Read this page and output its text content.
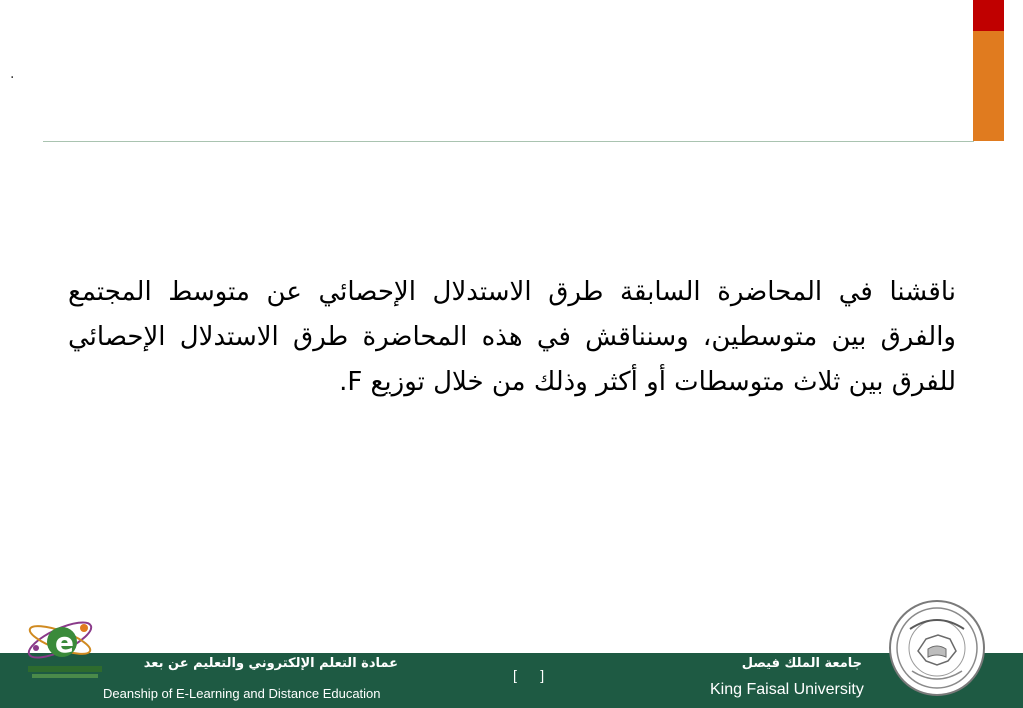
.
ناقشنا في المحاضرة السابقة طرق الاستدلال الإحصائي عن متوسط المجتمع والفرق بين متوسطين، وسنناقش في هذه المحاضرة طرق الاستدلال الإحصائي للفرق بين ثلاث متوسطات أو أكثر وذلك من خلال توزيع F.
e
عمادة التعلم الإلكتروني والتعليم عن بعد
Deanship of E-Learning and Distance Education
[      ]
جامعة الملك فيصل
King Faisal University
